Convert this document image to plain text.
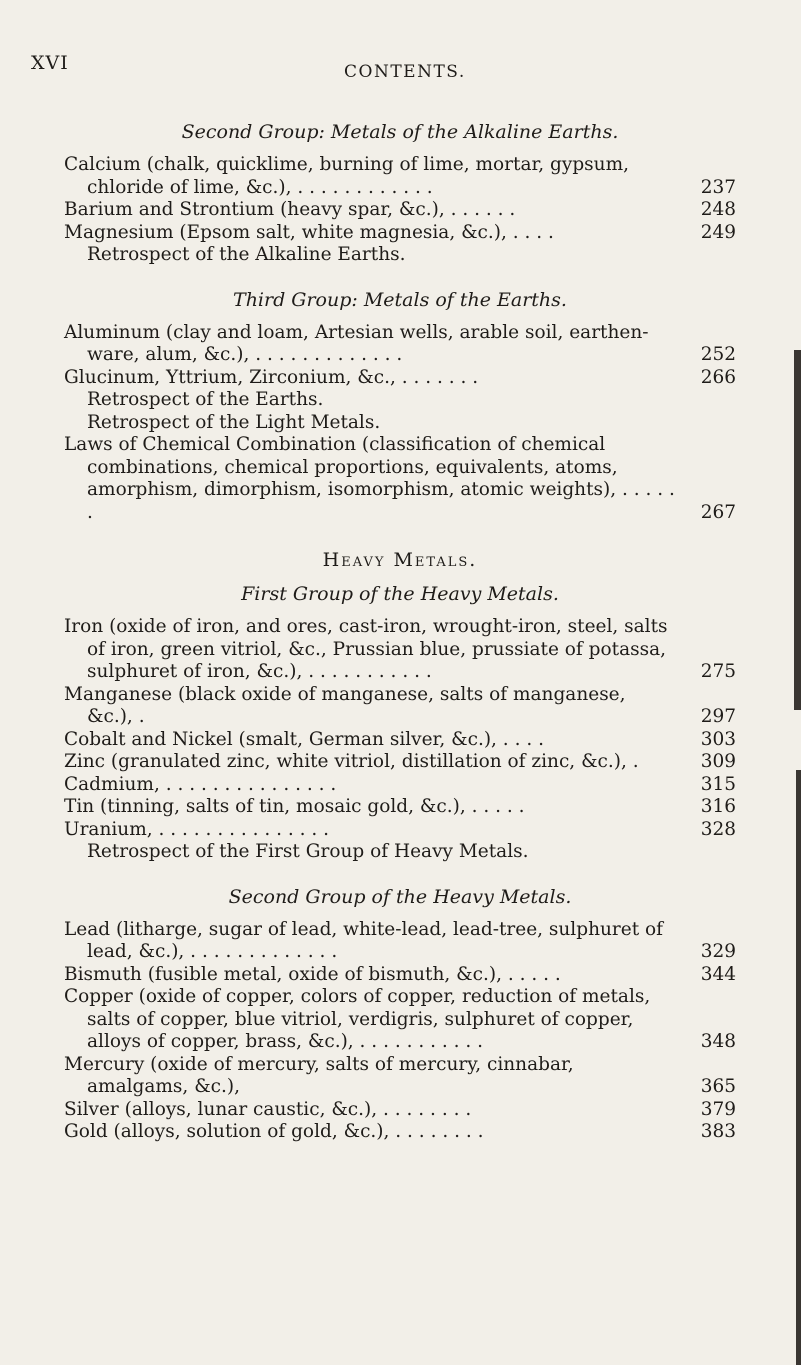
XVI	CONTENTS.
Second Group: Metals of the Alkaline Earths.
Calcium (chalk, quicklime, burning of lime, mortar, gypsum, chloride of lime, &c.), . . . . . . . . . . . .	237
Barium and Strontium (heavy spar, &c.), . . . . . .	248
Magnesium (Epsom salt, white magnesia, &c.), . . . .	249
Retrospect of the Alkaline Earths.
Third Group: Metals of the Earths.
Aluminum (clay and loam, Artesian wells, arable soil, earthen-ware, alum, &c.), . . . . . . . . . . . . .	252
Glucinum, Yttrium, Zirconium, &c., . . . . . . .	266
Retrospect of the Earths.
Retrospect of the Light Metals.
Laws of Chemical Combination (classification of chemical combinations, chemical proportions, equivalents, atoms, amorphism, dimorphism, isomorphism, atomic weights), . . . . . .	267
Heavy Metals.
First Group of the Heavy Metals.
Iron (oxide of iron, and ores, cast-iron, wrought-iron, steel, salts of iron, green vitriol, &c., Prussian blue, prussiate of potassa, sulphuret of iron, &c.), . . . . . . . . . . .	275
Manganese (black oxide of manganese, salts of manganese, &c.), .	297
Cobalt and Nickel (smalt, German silver, &c.), . . . .	303
Zinc (granulated zinc, white vitriol, distillation of zinc, &c.), .	309
Cadmium, . . . . . . . . . . . . . . .	315
Tin (tinning, salts of tin, mosaic gold, &c.), . . . . .	316
Uranium, . . . . . . . . . . . . . . .	328
Retrospect of the First Group of Heavy Metals.
Second Group of the Heavy Metals.
Lead (litharge, sugar of lead, white-lead, lead-tree, sulphuret of lead, &c.), . . . . . . . . . . . . .	329
Bismuth (fusible metal, oxide of bismuth, &c.), . . . . .	344
Copper (oxide of copper, colors of copper, reduction of metals, salts of copper, blue vitriol, verdigris, sulphuret of copper, alloys of copper, brass, &c.), . . . . . . . . . . .	348
Mercury (oxide of mercury, salts of mercury, cinnabar, amalgams, &c.),	365
Silver (alloys, lunar caustic, &c.), . . . . . . . .	379
Gold (alloys, solution of gold, &c.), . . . . . . . .	383
